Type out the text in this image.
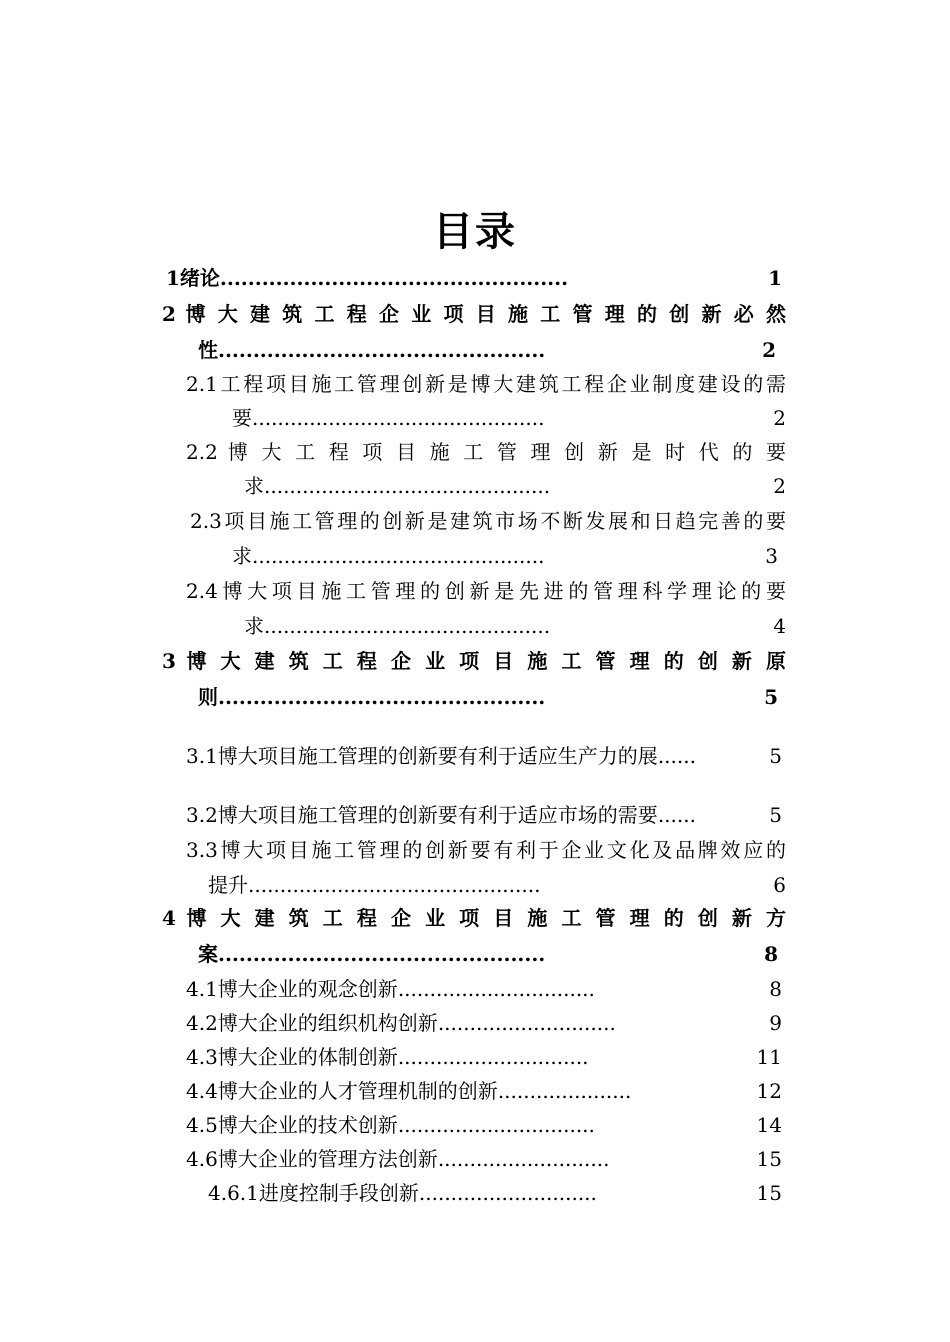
目录
1绪论..................................................	1
2 博 大 建 筑 工 程 企 业 项 目 施 工 管 理 的 创 新 必 然
性...............................................	2
2.1工程项目施工管理创新是博大建筑工程企业制度建设的需
要..............................................	2
2.2 博 大 工 程 项 目 施 工 管 理 创 新 是 时 代 的 要
求.............................................	2
2.3项目施工管理的创新是建筑市场不断发展和日趋完善的要
求..............................................	3
2.4博大项目施工管理的创新是先进的管理科学理论的要
求.............................................	4
3 博 大 建 筑 工 程 企 业 项 目 施 工 管 理 的 创 新 原
则...............................................	5
3.1博大项目施工管理的创新要有利于适应生产力的展......	5
3.2博大项目施工管理的创新要有利于适应市场的需要......	5
3.3博大项目施工管理的创新要有利于企业文化及品牌效应的
提升..............................................	6
4 博 大 建 筑 工 程 企 业 项 目 施 工 管 理 的 创 新 方
案...............................................	8
4.1博大企业的观念创新...............................	8
4.2博大企业的组织机构创新............................	9
4.3博大企业的体制创新..............................	11
4.4博大企业的人才管理机制的创新.....................	12
4.5博大企业的技术创新...............................	14
4.6博大企业的管理方法创新...........................	15
4.6.1进度控制手段创新............................	15
